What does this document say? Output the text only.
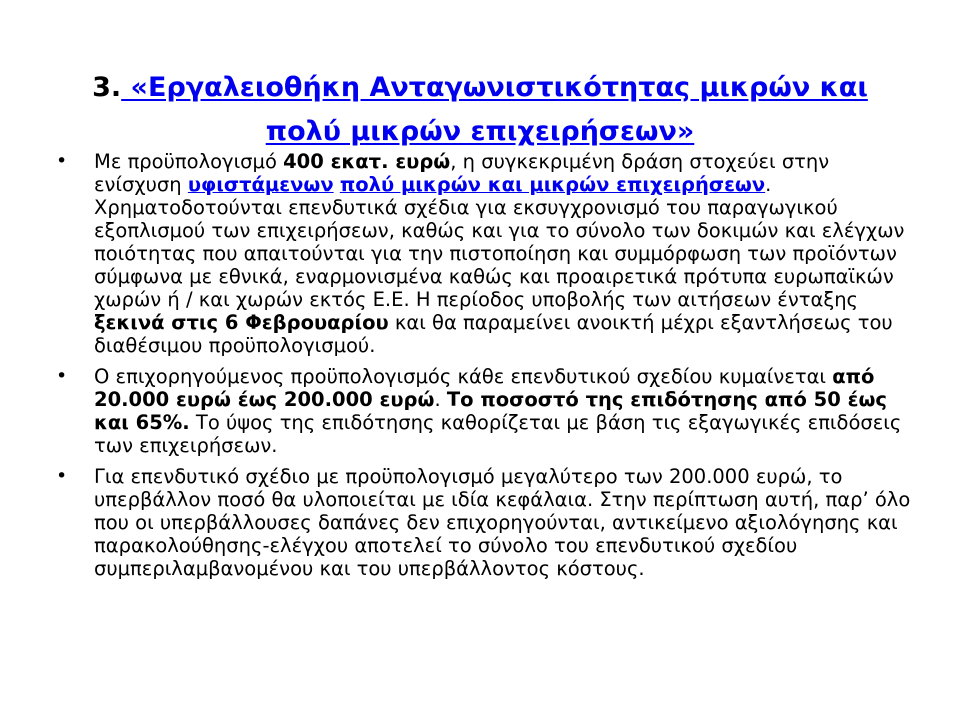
3. «Εργαλειοθήκη Ανταγωνιστικότητας μικρών και πολύ μικρών επιχειρήσεων»
• Με προϋπολογισμό 400 εκατ. ευρώ, η συγκεκριμένη δράση στοχεύει στην ενίσχυση υφιστάμενων πολύ μικρών και μικρών επιχειρήσεων. Χρηματοδοτούνται επενδυτικά σχέδια για εκσυγχρονισμό του παραγωγικού εξοπλισμού των επιχειρήσεων, καθώς και για το σύνολο των δοκιμών και ελέγχων ποιότητας που απαιτούνται για την πιστοποίηση και συμμόρφωση των προϊόντων σύμφωνα με εθνικά, εναρμονισμένα καθώς και προαιρετικά πρότυπα ευρωπαϊκών χωρών ή / και χωρών εκτός Ε.Ε. Η περίοδος υποβολής των αιτήσεων ένταξης ξεκινά στις 6 Φεβρουαρίου και θα παραμείνει ανοικτή μέχρι εξαντλήσεως του διαθέσιμου προϋπολογισμού.
• Ο επιχορηγούμενος προϋπολογισμός κάθε επενδυτικού σχεδίου κυμαίνεται από 20.000 ευρώ έως 200.000 ευρώ. Το ποσοστό της επιδότησης από 50 έως και 65%. Το ύψος της επιδότησης καθορίζεται με βάση τις εξαγωγικές επιδόσεις των επιχειρήσεων.
• Για επενδυτικό σχέδιο με προϋπολογισμό μεγαλύτερο των 200.000 ευρώ, το υπερβάλλον ποσό θα υλοποιείται με ιδία κεφάλαια. Στην περίπτωση αυτή, παρ’ όλο που οι υπερβάλλουσες δαπάνες δεν επιχορηγούνται, αντικείμενο αξιολόγησης και παρακολούθησης-ελέγχου αποτελεί το σύνολο του επενδυτικού σχεδίου συμπεριλαμβανομένου και του υπερβάλλοντος κόστους.
